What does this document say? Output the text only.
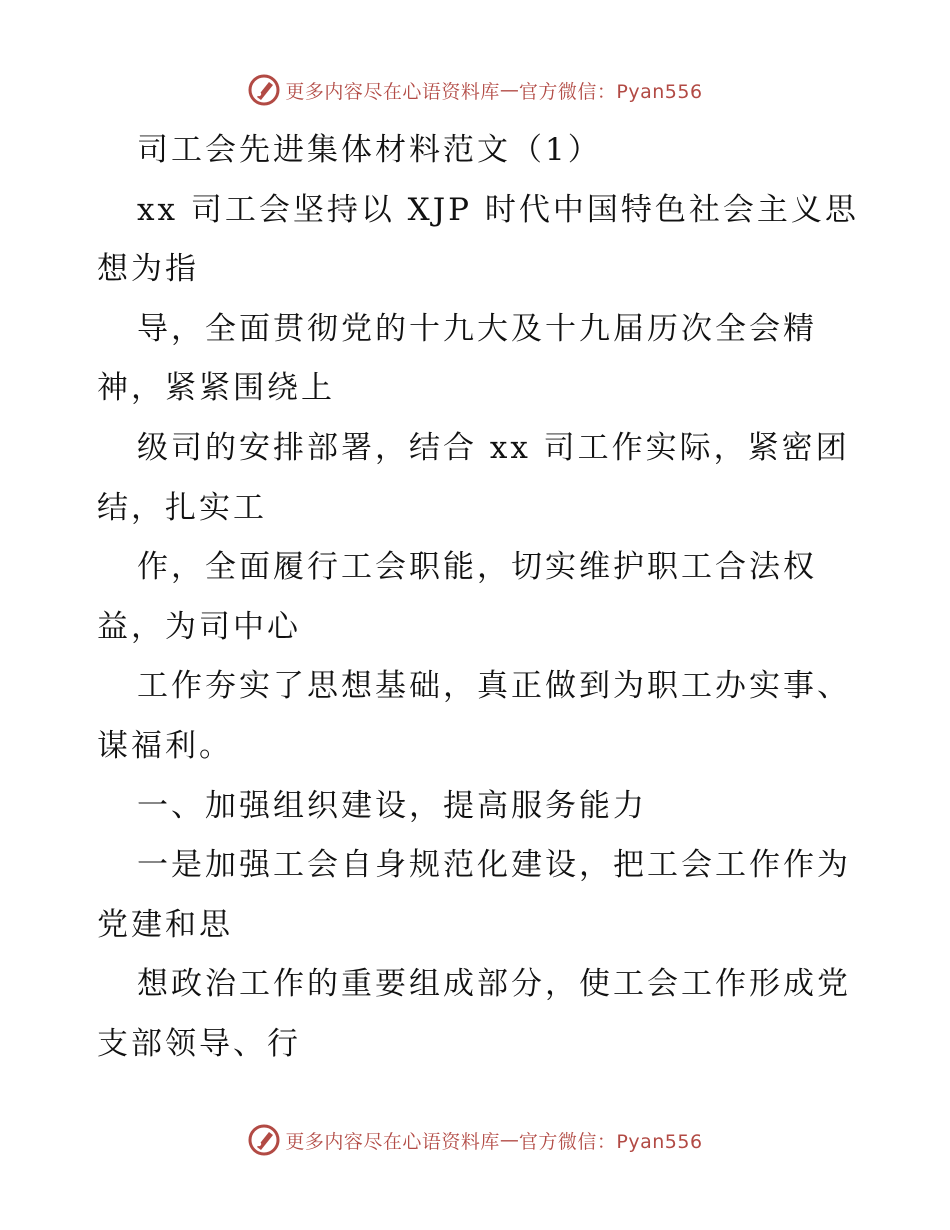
更多内容尽在心语资料库 — 官方微信：Pyan556
司工会先进集体材料范文（1）
xx 司工会坚持以 XJP 时代中国特色社会主义思
想为指
导，全面贯彻党的十九大及十九届历次全会精
神，紧紧围绕上
级司的安排部署，结合 xx 司工作实际，紧密团
结，扎实工
作，全面履行工会职能，切实维护职工合法权
益，为司中心
工作夯实了思想基础，真正做到为职工办实事、
谋福利。
一、加强组织建设，提高服务能力
一是加强工会自身规范化建设，把工会工作作为
党建和思
想政治工作的重要组成部分，使工会工作形成党
支部领导、行
更多内容尽在心语资料库 — 官方微信：Pyan556
